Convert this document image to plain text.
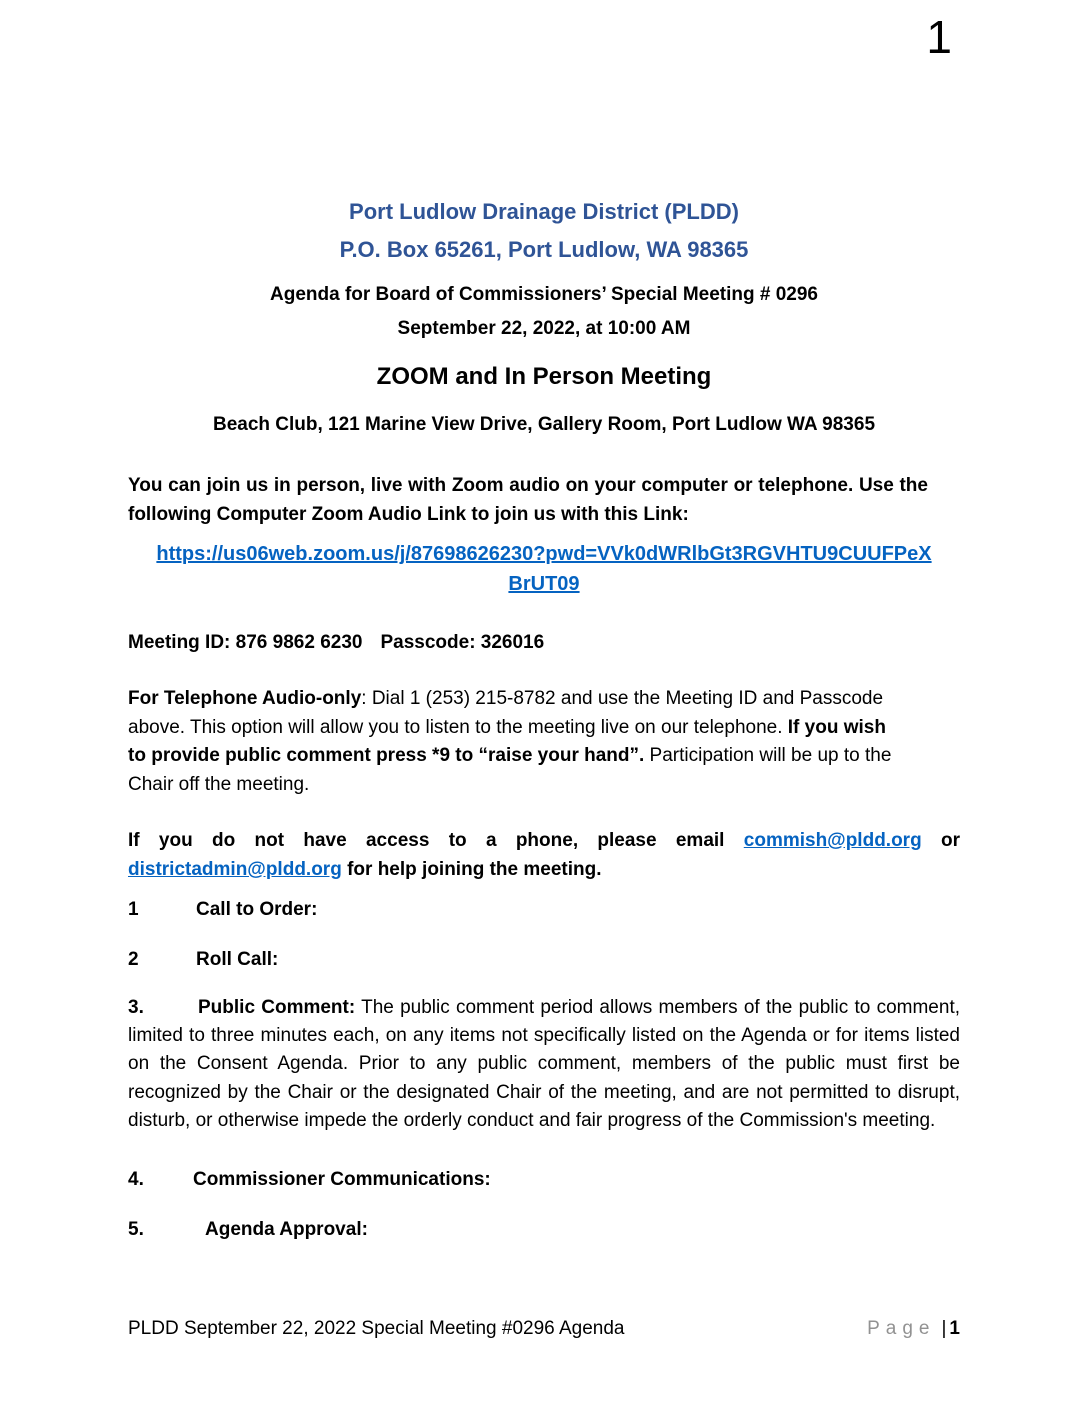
1
Port Ludlow Drainage District (PLDD)
P.O. Box 65261, Port Ludlow, WA 98365
Agenda for Board of Commissioners’ Special Meeting # 0296
September 22, 2022, at 10:00 AM
ZOOM and In Person Meeting
Beach Club, 121 Marine View Drive, Gallery Room, Port Ludlow WA 98365

You can join us in person, live with Zoom audio on your computer or telephone. Use the following Computer Zoom Audio Link to join us with this Link:

https://us06web.zoom.us/j/87698626230?pwd=VVk0dWRlbGt3RGVHTU9CUUFPeX
BrUT09
Meeting ID: 876 9862 6230 Passcode: 326016

For Telephone Audio-only: Dial 1 (253) 215-8782 and use the Meeting ID and Passcode above. This option will allow you to listen to the meeting live on our telephone. If you wish to provide public comment press *9 to “raise your hand”. Participation will be up to the Chair off the meeting.

If you do not have access to a phone, please email commish@pldd.org or districtadmin@pldd.org for help joining the meeting.

1	Call to Order:
2	Roll Call:
3.	Public Comment: The public comment period allows members of the public to comment, limited to three minutes each, on any items not specifically listed on the Agenda or for items listed on the Consent Agenda. Prior to any public comment, members of the public must first be recognized by the Chair or the designated Chair of the meeting, and are not permitted to disrupt, disturb, or otherwise impede the orderly conduct and fair progress of the Commission's meeting.
4.	Commissioner Communications:
5.	Agenda Approval:
PLDD September 22, 2022 Special Meeting #0296 Agenda	Page | 1
